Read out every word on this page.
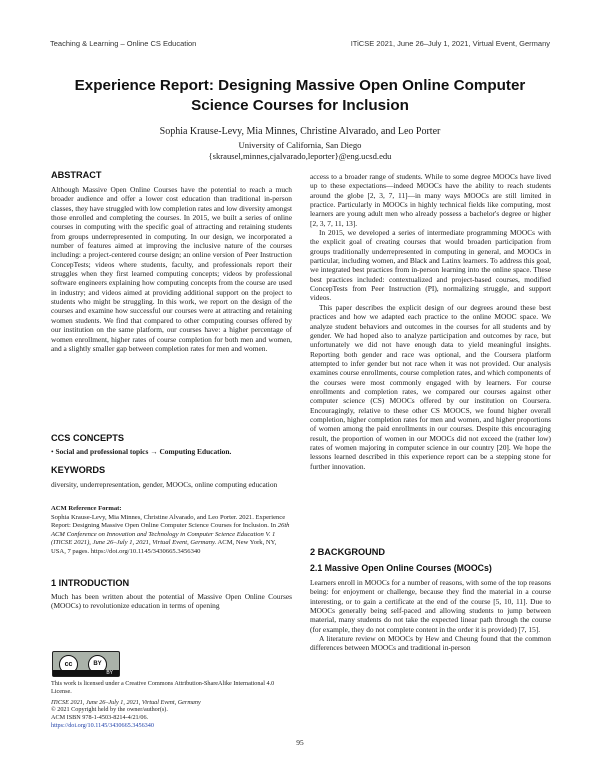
Teaching & Learning – Online CS Education	ITiCSE 2021, June 26–July 1, 2021, Virtual Event, Germany
Experience Report: Designing Massive Open Online Computer
Science Courses for Inclusion

Sophia Krause-Levy, Mia Minnes, Christine Alvarado, and Leo Porter

University of California, San Diego

{skrausel,minnes,cjalvarado,leporter}@eng.ucsd.edu

ABSTRACT

Although Massive Open Online Courses have the potential to reach a much broader audience and offer a lower cost education than traditional in-person classes, they have struggled with low completion rates and low diversity amongst those enrolled and completing the courses. In 2015, we built a series of online courses in computing with the specific goal of attracting and retaining students from groups underrepresented in computing. In our design, we incorporated a number of features aimed at improving the inclusive nature of the courses including: a project-centered course design; an online version of Peer Instruction ConcepTests; videos where students, faculty, and professionals report their struggles when they first learned computing concepts; videos by professional software engineers explaining how computing concepts from the course are used in industry; and videos aimed at providing additional support on the project to students who might be struggling. In this work, we report on the design of the courses and examine how successful our courses were at attracting and retaining women students. We find that compared to other computing courses offered by our institution on the same platform, our courses have: a higher percentage of women enrollment, higher rates of course completion for both men and women, and a slightly smaller gap between completion rates for men and women.

CCS CONCEPTS

• Social and professional topics → Computing Education.

KEYWORDS

diversity, underrepresentation, gender, MOOCs, online computing education

ACM Reference Format:

Sophia Krause-Levy, Mia Minnes, Christine Alvarado, and Leo Porter. 2021. Experience Report: Designing Massive Open Online Computer Science Courses for Inclusion. In 26th ACM Conference on Innovation and Technology in Computer Science Education V. 1 (ITiCSE 2021), June 26–July 1, 2021, Virtual Event, Germany. ACM, New York, NY, USA, 7 pages. https://doi.org/10.1145/3430665.3456340

1 INTRODUCTION

Much has been written about the potential of Massive Open Online Courses (MOOCs) to revolutionize education in terms of opening

cc	BY
BY

This work is licensed under a Creative Commons Attribution-ShareAlike International 4.0 License.

ITiCSE 2021, June 26–July 1, 2021, Virtual Event, Germany

© 2021 Copyright held by the owner/author(s).

ACM ISBN 978-1-4503-8214-4/21/06.

https://doi.org/10.1145/3430665.3456340

access to a broader range of students. While to some degree MOOCs have lived up to these expectations—indeed MOOCs have the ability to reach students around the globe [2, 3, 7, 11]—in many ways MOOCs are still limited in practice. Particularly in MOOCs in highly technical fields like computing, most learners are young adult men who already possess a bachelor's degree or higher [2, 3, 7, 11, 13].

In 2015, we developed a series of intermediate programming MOOCs with the explicit goal of creating courses that would broaden participation from groups traditionally underrepresented in computing in general, and MOOCs in particular, including women, and Black and Latinx learners. To address this goal, we integrated best practices from in-person learning into the online space. These best practices included: contextualized and project-based courses, modified ConcepTests from Peer Instruction (PI), normalizing struggle, and support videos.

This paper describes the explicit design of our degrees around these best practices and how we adapted each practice to the online MOOC space. We analyze student behaviors and outcomes in the courses for all students and by gender. We had hoped also to analyze participation and outcomes by race, but unfortunately we did not have enough data to yield meaningful insights. Reporting both gender and race was optional, and the Coursera platform attempted to infer gender but not race when it was not provided. Our analysis examines course enrollments, course completion rates, and which components of the courses were most commonly engaged with by learners. For course enrollments and completion rates, we compared our courses against other computer science (CS) MOOCs offered by our institution on Coursera. Encouragingly, relative to these other CS MOOCS, we found higher overall completion, higher completion rates for men and women, and higher proportions of women among the paid enrollments in our courses. Despite this encouraging result, the proportion of women in our MOOCs did not exceed the (rather low) rates of women majoring in computer science in our country [20]. We hope the lessons learned described in this experience report can be a stepping stone for further innovation.

2 BACKGROUND
2.1 Massive Open Online Courses (MOOCs)

Learners enroll in MOOCs for a number of reasons, with some of the top reasons being: for enjoyment or challenge, because they find the material in a course interesting, or to gain a certificate at the end of the course [5, 10, 11]. Due to MOOCs generally being self-paced and allowing students to jump between material, many students do not take the expected linear path through the course (for example, they do not complete content in the order it is provided) [7, 15].

A literature review on MOOCs by Hew and Cheung found that the common differences between MOOCs and traditional in-person

95
